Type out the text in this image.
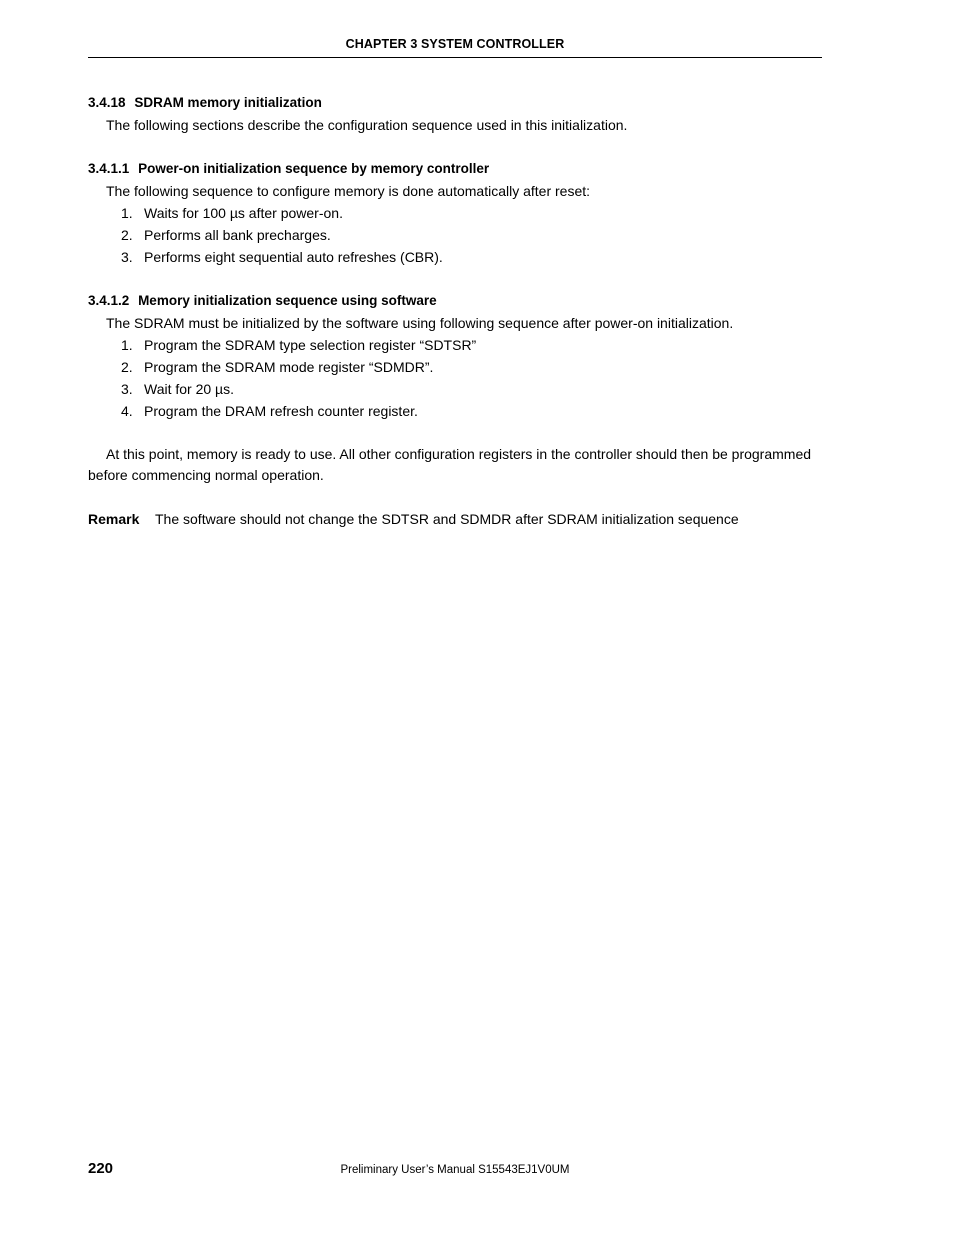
CHAPTER 3 SYSTEM CONTROLLER

3.4.18 SDRAM memory initialization

The following sections describe the configuration sequence used in this initialization.

3.4.1.1 Power-on initialization sequence by memory controller

The following sequence to configure memory is done automatically after reset:

1. Waits for 100 µs after power-on.
2. Performs all bank precharges.
3. Performs eight sequential auto refreshes (CBR).

3.4.1.2 Memory initialization sequence using software

The SDRAM must be initialized by the software using following sequence after power-on initialization.

1. Program the SDRAM type selection register “SDTSR”
2. Program the SDRAM mode register “SDMDR”.
3. Wait for 20 µs.
4. Program the DRAM refresh counter register.

At this point, memory is ready to use. All other configuration registers in the controller should then be programmed before commencing normal operation.

Remark The software should not change the SDTSR and SDMDR after SDRAM initialization sequence

220	Preliminary User’s Manual S15543EJ1V0UM
